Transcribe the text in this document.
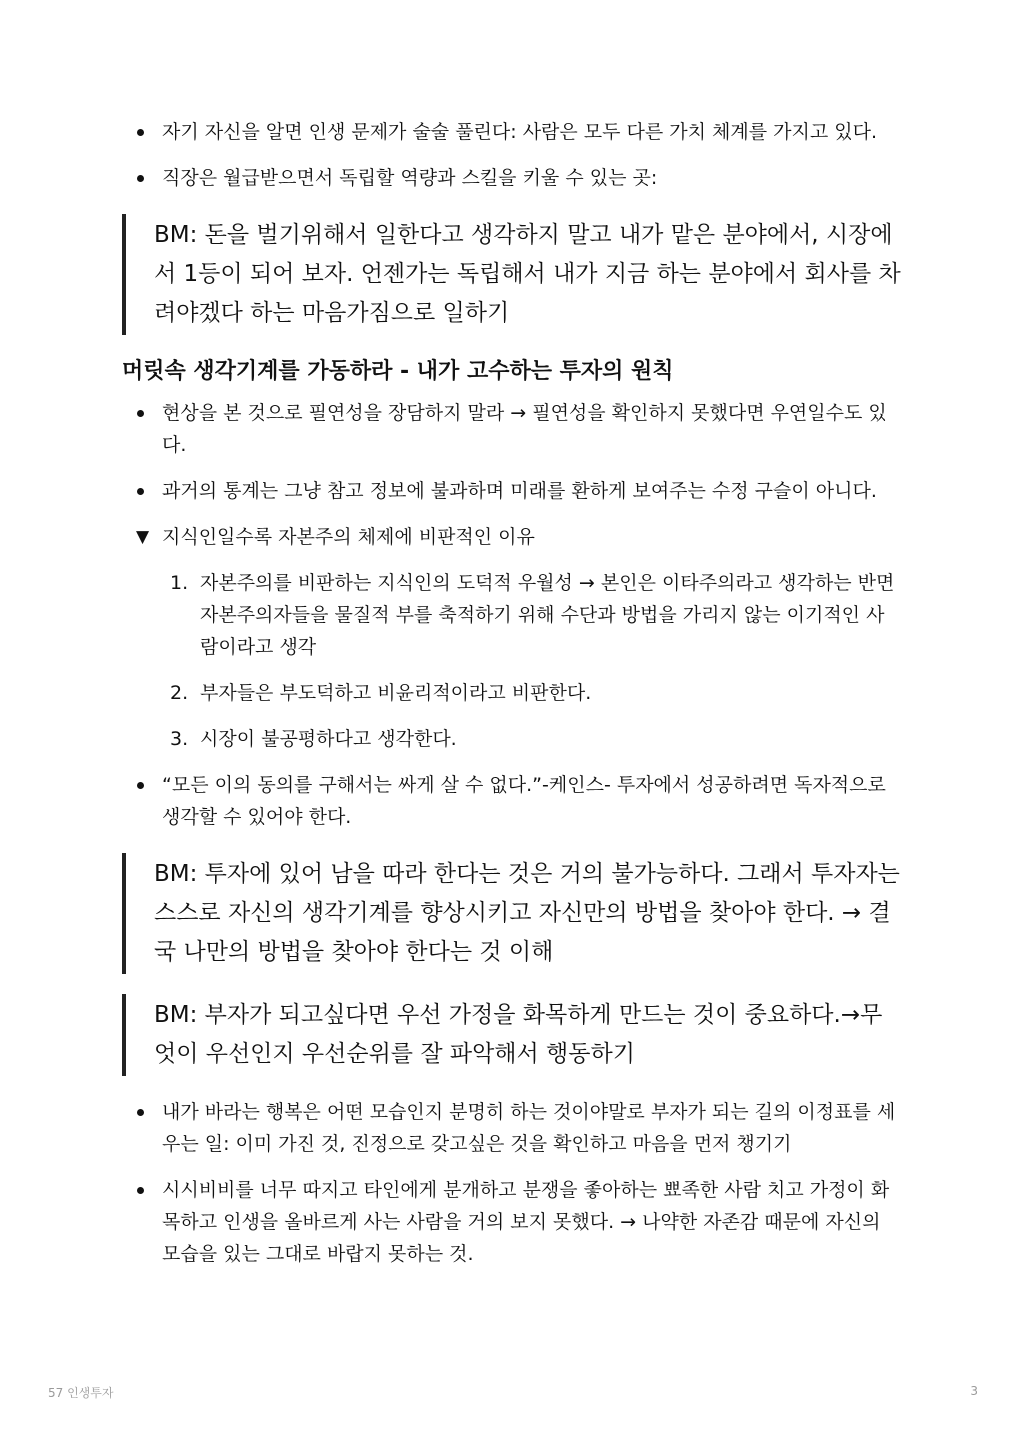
자기 자신을 알면 인생 문제가 술술 풀린다: 사람은 모두 다른 가치 체계를 가지고 있다.
직장은 월급받으면서 독립할 역량과 스킬을 키울 수 있는 곳:
BM: 돈을 벌기위해서 일한다고 생각하지 말고 내가 맡은 분야에서, 시장에서 1등이 되어 보자. 언젠가는 독립해서 내가 지금 하는 분야에서 회사를 차려야겠다 하는 마음가짐으로 일하기
머릿속 생각기계를 가동하라 - 내가 고수하는 투자의 원칙
현상을 본 것으로 필연성을 장담하지 말라 → 필연성을 확인하지 못했다면 우연일수도 있다.
과거의 통계는 그냥 참고 정보에 불과하며 미래를 환하게 보여주는 수정 구슬이 아니다.
▼ 지식인일수록 자본주의 체제에 비판적인 이유
1. 자본주의를 비판하는 지식인의 도덕적 우월성 → 본인은 이타주의라고 생각하는 반면 자본주의자들을 물질적 부를 축적하기 위해 수단과 방법을 가리지 않는 이기적인 사람이라고 생각
2. 부자들은 부도덕하고 비윤리적이라고 비판한다.
3. 시장이 불공평하다고 생각한다.
“모든 이의 동의를 구해서는 싸게 살 수 없다.”-케인스- 투자에서 성공하려면 독자적으로 생각할 수 있어야 한다.
BM: 투자에 있어 남을 따라 한다는 것은 거의 불가능하다. 그래서 투자자는 스스로 자신의 생각기계를 향상시키고 자신만의 방법을 찾아야 한다. → 결국 나만의 방법을 찾아야 한다는 것 이해
BM: 부자가 되고싶다면 우선 가정을 화목하게 만드는 것이 중요하다.→무엇이 우선인지 우선순위를 잘 파악해서 행동하기
내가 바라는 행복은 어떤 모습인지 분명히 하는 것이야말로 부자가 되는 길의 이정표를 세우는 일: 이미 가진 것, 진정으로 갖고싶은 것을 확인하고 마음을 먼저 챙기기
시시비비를 너무 따지고 타인에게 분개하고 분쟁을 좋아하는 뾰족한 사람 치고 가정이 화목하고 인생을 올바르게 사는 사람을 거의 보지 못했다. → 나약한 자존감 때문에 자신의 모습을 있는 그대로 바랍지 못하는 것.
57 인생투자	3
